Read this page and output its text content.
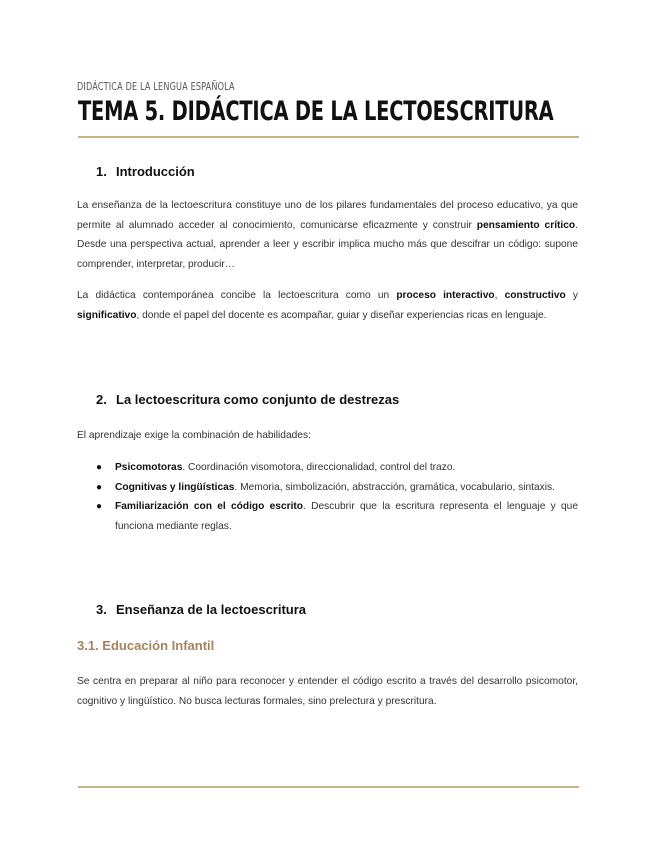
DIDÁCTICA DE LA LENGUA ESPAÑOLA
TEMA 5. DIDÁCTICA DE LA LECTOESCRITURA
1. Introducción

La enseñanza de la lectoescritura constituye uno de los pilares fundamentales del proceso educativo, ya que permite al alumnado acceder al conocimiento, comunicarse eficazmente y construir pensamiento crítico. Desde una perspectiva actual, aprender a leer y escribir implica mucho más que descifrar un código: supone comprender, interpretar, producir…

La didáctica contemporánea concibe la lectoescritura como un proceso interactivo, constructivo y significativo, donde el papel del docente es acompañar, guiar y diseñar experiencias ricas en lenguaje.

2. La lectoescritura como conjunto de destrezas

El aprendizaje exige la combinación de habilidades:

● Psicomotoras. Coordinación visomotora, direccionalidad, control del trazo.
● Cognitivas y lingüísticas. Memoria, simbolización, abstracción, gramática, vocabulario, sintaxis.
● Familiarización con el código escrito. Descubrir que la escritura representa el lenguaje y que funciona mediante reglas.
3. Enseñanza de la lectoescritura
3.1. Educación Infantil

Se centra en preparar al niño para reconocer y entender el código escrito a través del desarrollo psicomotor, cognitivo y lingüístico. No busca lecturas formales, sino prelectura y prescritura.
